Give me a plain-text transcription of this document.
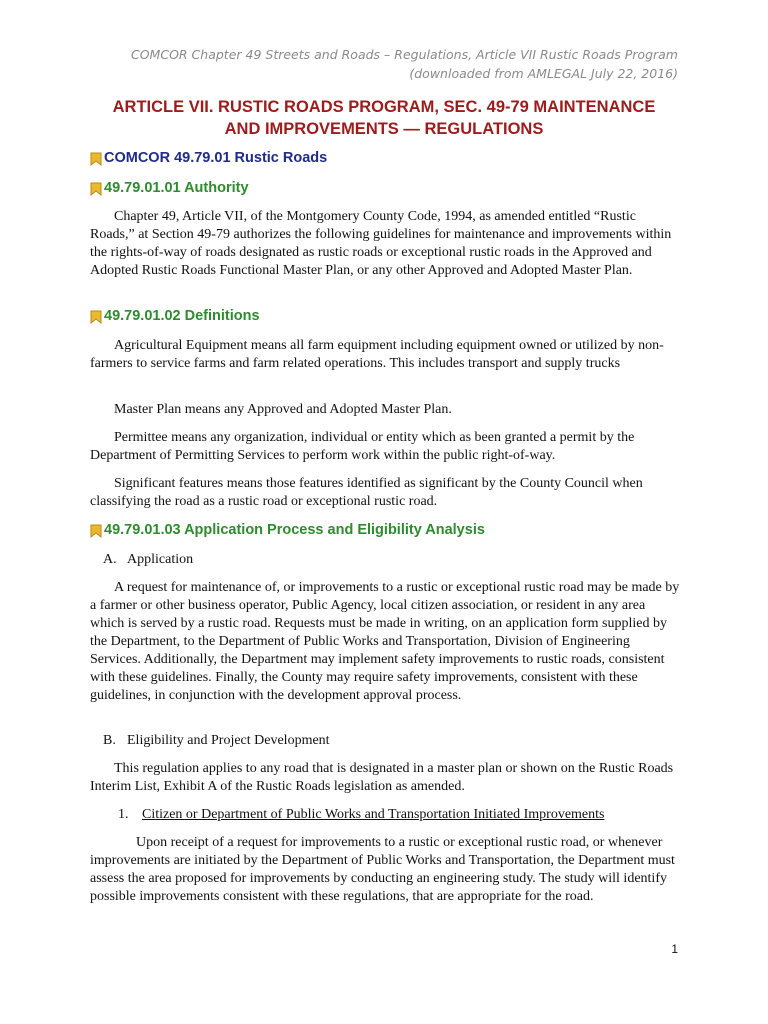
COMCOR Chapter 49 Streets and Roads – Regulations, Article VII Rustic Roads Program
(downloaded from AMLEGAL July 22, 2016)
ARTICLE VII. RUSTIC ROADS PROGRAM, SEC. 49-79 MAINTENANCE
AND IMPROVEMENTS — REGULATIONS
COMCOR 49.79.01 Rustic Roads
49.79.01.01 Authority
Chapter 49, Article VII, of the Montgomery County Code, 1994, as amended entitled “Rustic Roads,” at Section 49-79 authorizes the following guidelines for maintenance and improvements within the rights-of-way of roads designated as rustic roads or exceptional rustic roads in the Approved and Adopted Rustic Roads Functional Master Plan, or any other Approved and Adopted Master Plan.
49.79.01.02 Definitions
Agricultural Equipment means all farm equipment including equipment owned or utilized by non-farmers to service farms and farm related operations. This includes transport and supply trucks
Master Plan means any Approved and Adopted Master Plan.
Permittee means any organization, individual or entity which as been granted a permit by the Department of Permitting Services to perform work within the public right-of-way.
Significant features means those features identified as significant by the County Council when classifying the road as a rustic road or exceptional rustic road.
49.79.01.03 Application Process and Eligibility Analysis
A. Application
A request for maintenance of, or improvements to a rustic or exceptional rustic road may be made by a farmer or other business operator, Public Agency, local citizen association, or resident in any area which is served by a rustic road. Requests must be made in writing, on an application form supplied by the Department, to the Department of Public Works and Transportation, Division of Engineering Services. Additionally, the Department may implement safety improvements to rustic roads, consistent with these guidelines. Finally, the County may require safety improvements, consistent with these guidelines, in conjunction with the development approval process.
B. Eligibility and Project Development
This regulation applies to any road that is designated in a master plan or shown on the Rustic Roads Interim List, Exhibit A of the Rustic Roads legislation as amended.
1. Citizen or Department of Public Works and Transportation Initiated Improvements
Upon receipt of a request for improvements to a rustic or exceptional rustic road, or whenever improvements are initiated by the Department of Public Works and Transportation, the Department must assess the area proposed for improvements by conducting an engineering study. The study will identify possible improvements consistent with these regulations, that are appropriate for the road.
1
